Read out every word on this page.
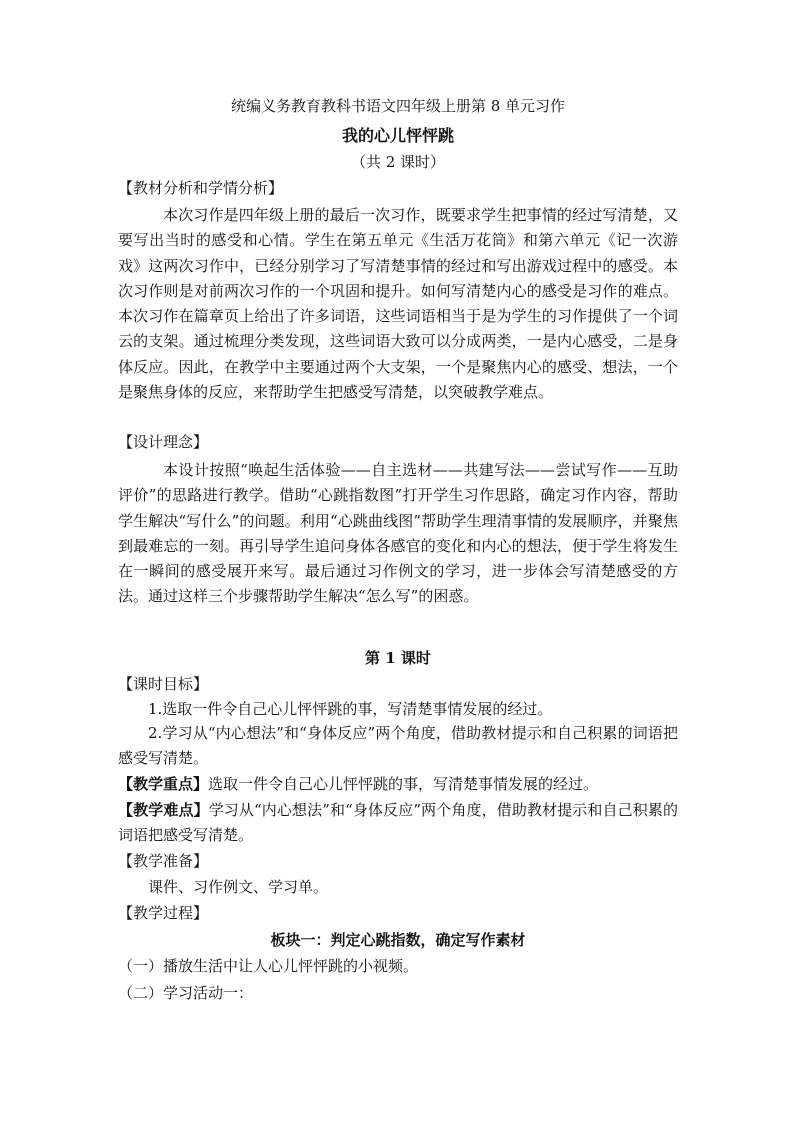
统编义务教育教科书语文四年级上册第 8 单元习作
我的心儿怦怦跳
（共 2 课时）
【教材分析和学情分析】
本次习作是四年级上册的最后一次习作，既要求学生把事情的经过写清楚，又要写出当时的感受和心情。学生在第五单元《生活万花筒》和第六单元《记一次游戏》这两次习作中，已经分别学习了写清楚事情的经过和写出游戏过程中的感受。本次习作则是对前两次习作的一个巩固和提升。如何写清楚内心的感受是习作的难点。本次习作在篇章页上给出了许多词语，这些词语相当于是为学生的习作提供了一个词云的支架。通过梳理分类发现，这些词语大致可以分成两类，一是内心感受，二是身体反应。因此，在教学中主要通过两个大支架，一个是聚焦内心的感受、想法，一个是聚焦身体的反应，来帮助学生把感受写清楚，以突破教学难点。
【设计理念】
本设计按照“唤起生活体验——自主选材——共建写法——尝试写作——互助评价”的思路进行教学。借助“心跳指数图”打开学生习作思路，确定习作内容，帮助学生解决“写什么”的问题。利用“心跳曲线图”帮助学生理清事情的发展顺序，并聚焦到最难忘的一刻。再引导学生追问身体各感官的变化和内心的想法，便于学生将发生在一瞬间的感受展开来写。最后通过习作例文的学习，进一步体会写清楚感受的方法。通过这样三个步骤帮助学生解决“怎么写”的困惑。
第 1 课时
【课时目标】
1.选取一件令自己心儿怦怦跳的事，写清楚事情发展的经过。
2.学习从“内心想法”和“身体反应”两个角度，借助教材提示和自己积累的词语把感受写清楚。
【教学重点】选取一件令自己心儿怦怦跳的事，写清楚事情发展的经过。
【教学难点】学习从“内心想法”和“身体反应”两个角度，借助教材提示和自己积累的词语把感受写清楚。
【教学准备】
课件、习作例文、学习单。
【教学过程】
板块一：判定心跳指数，确定写作素材
（一）播放生活中让人心儿怦怦跳的小视频。
（二）学习活动一：
